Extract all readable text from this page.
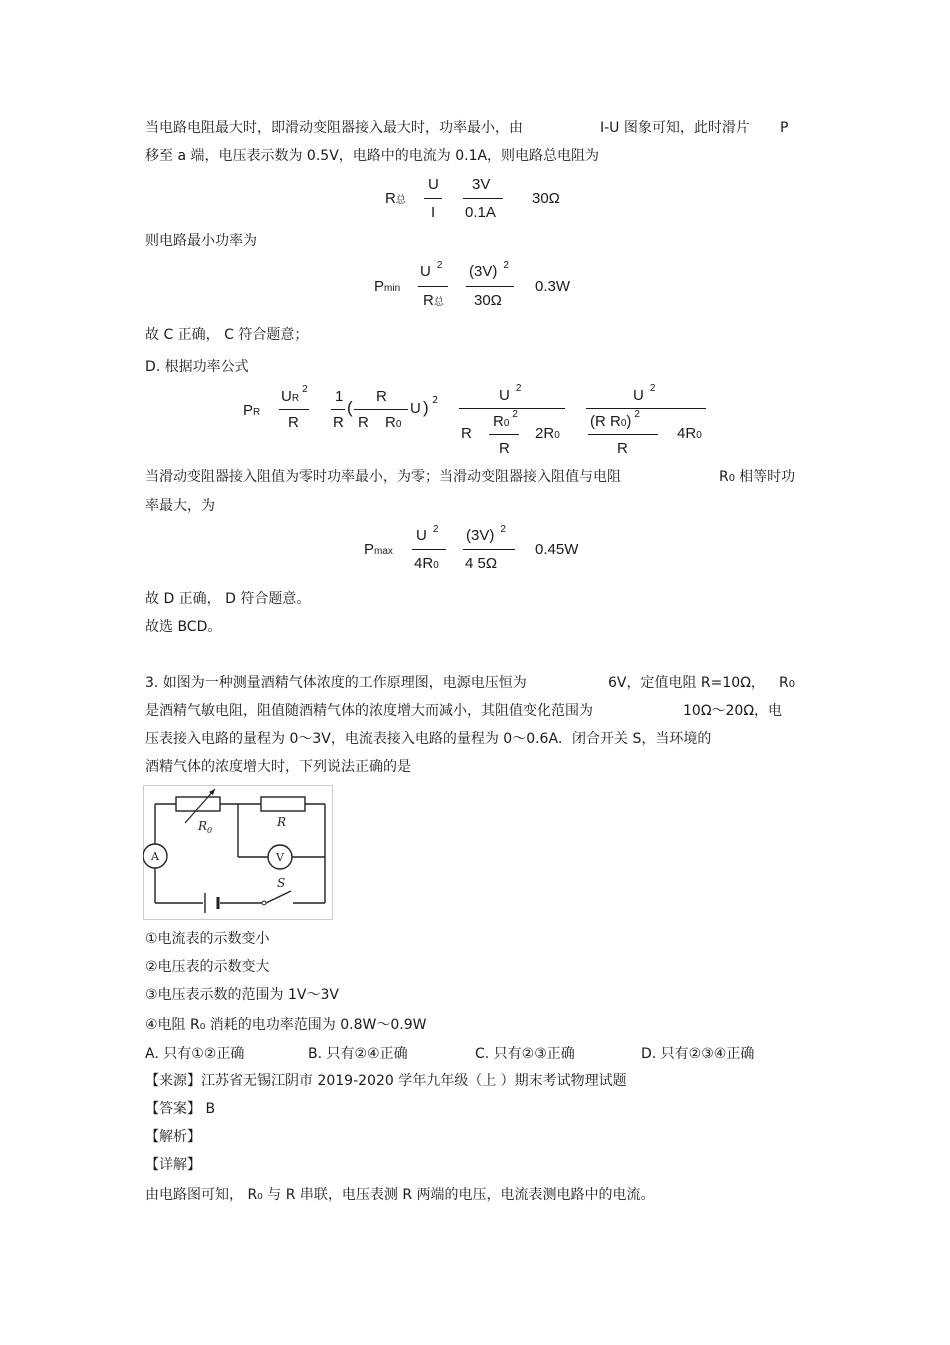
当电路电阻最大时，即滑动变阻器接入最大时，功率最小，由	I-U 图象可知，此时滑片 P
移至 a 端，电压表示数为 0.5V，电路中的电流为 0.1A，则电路总电阻为
R总
U
I
3V
0.1A
30Ω
则电路最小功率为
Pmin
U $^2$
R总
(3V) $^2$
30Ω
0.3W
故 C 正确， C 符合题意；
D. 根据功率公式
PR
$UR^2$
R
1
R
(
R
R R0
U ) 2	U $^2$
R
$R0^2$
R
2R0
U $^2$
(R R0) $^2$
R
4R0
当滑动变阻器接入阻值为零时功率最小，为零；当滑动变阻器接入阻值与电阻	R0 相等时功
率最大，为
Pmax
U $^2$
4R0
(3V) $^2$
4 5Ω
0.45W
故 D 正确， D 符合题意。
故选 BCD。
3. 如图为一种测量酒精气体浓度的工作原理图，电源电压恒为	6V，定值电阻 R=10Ω， R0
是酒精气敏电阻，阻值随酒精气体的浓度增大而减小，其阻值变化范围为	10Ω～20Ω，电
压表接入电路的量程为 0～3V，电流表接入电路的量程为 0～0.6A．闭合开关 S，当环境的
酒精气体的浓度增大时，下列说法正确的是
$R_0$
R
A	V
S
①电流表的示数变小
②电压表的示数变大
③电压表示数的范围为 1V～3V
④电阻 R₀ 消耗的电功率范围为 0.8W～0.9W
A. 只有①②正确	B. 只有②④正确	C. 只有②③正确	D. 只有②③④正确
【来源】江苏省无锡江阴市 2019-2020 学年九年级（上 ）期末考试物理试题
【答案】 B
【解析】
【详解】
由电路图可知， R₀ 与 R 串联，电压表测 R 两端的电压，电流表测电路中的电流。
